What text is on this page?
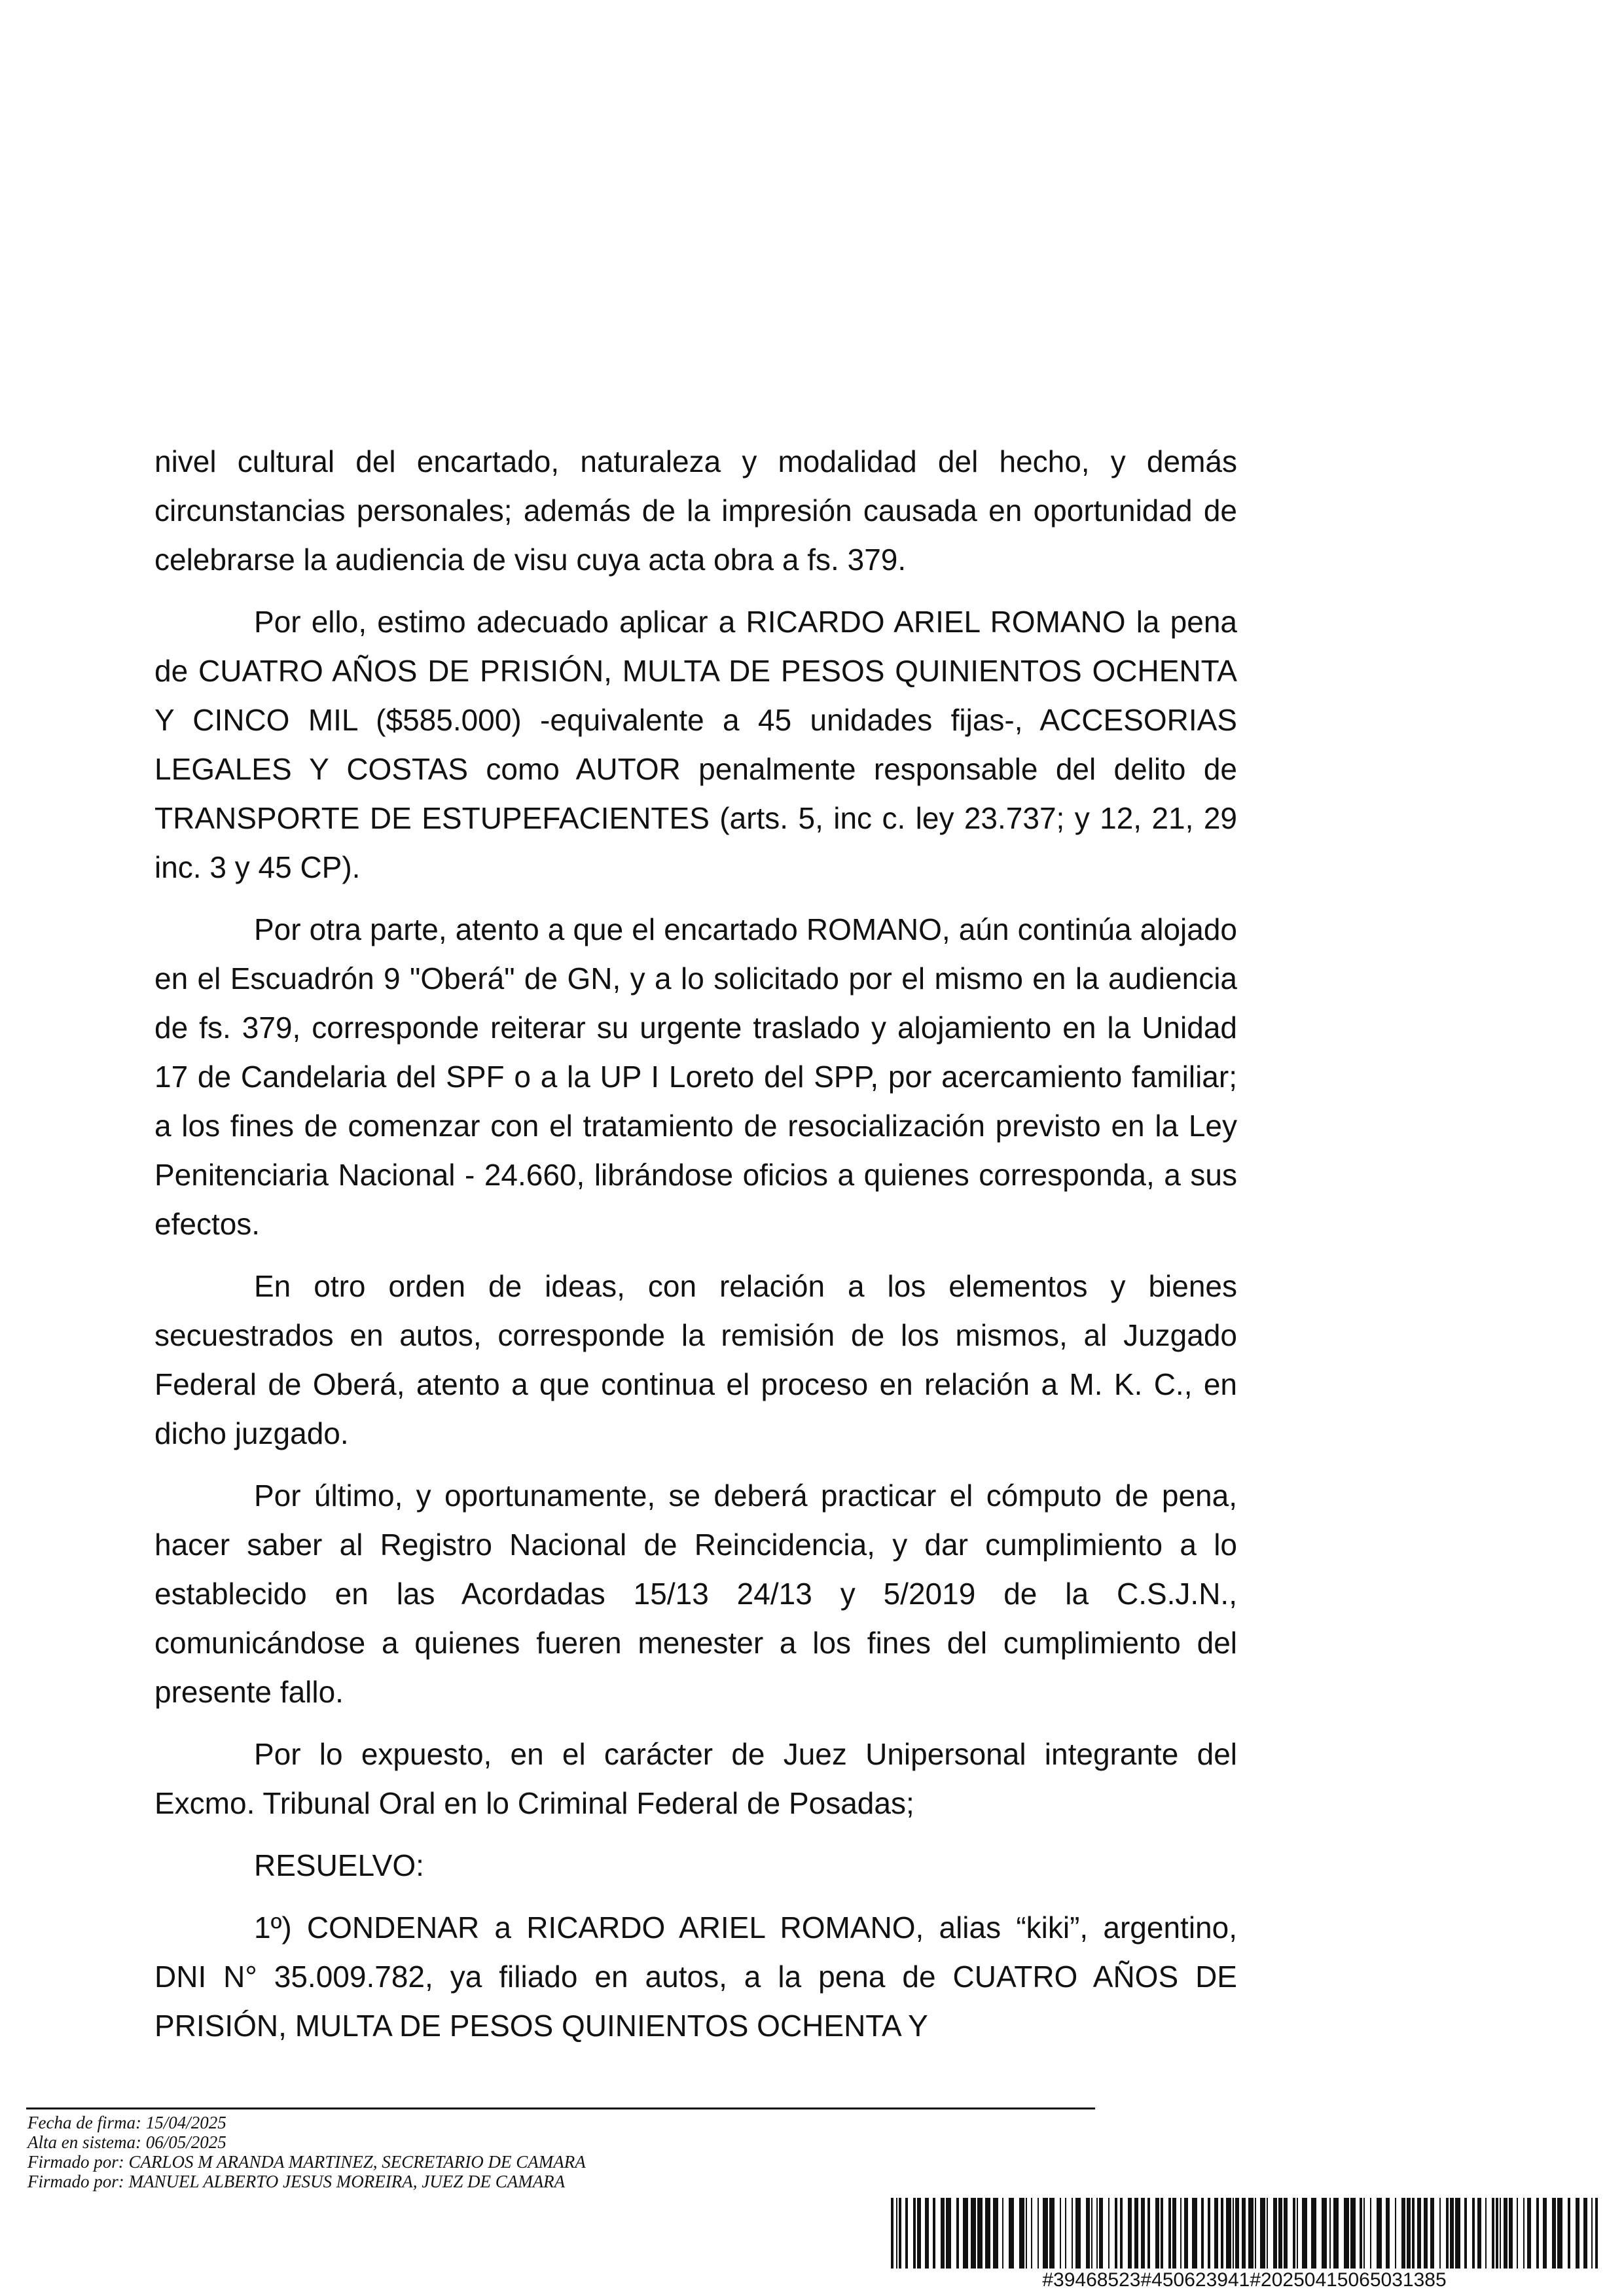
nivel cultural del encartado, naturaleza y modalidad del hecho, y demás circunstancias personales; además de la impresión causada en oportunidad de celebrarse la audiencia de visu cuya acta obra a fs. 379.

Por ello, estimo adecuado aplicar a RICARDO ARIEL ROMANO la pena de CUATRO AÑOS DE PRISIÓN, MULTA DE PESOS QUINIENTOS OCHENTA Y CINCO MIL ($585.000) -equivalente a 45 unidades fijas-, ACCESORIAS LEGALES Y COSTAS como AUTOR penalmente responsable del delito de TRANSPORTE DE ESTUPEFACIENTES (arts. 5, inc c. ley 23.737; y 12, 21, 29 inc. 3 y 45 CP).

Por otra parte, atento a que el encartado ROMANO, aún continúa alojado en el Escuadrón 9 "Oberá" de GN, y a lo solicitado por el mismo en la audiencia de fs. 379, corresponde reiterar su urgente traslado y alojamiento en la Unidad 17 de Candelaria del SPF o a la UP I Loreto del SPP, por acercamiento familiar; a los fines de comenzar con el tratamiento de resocialización previsto en la Ley Penitenciaria Nacional - 24.660, librándose oficios a quienes corresponda, a sus efectos.

En otro orden de ideas, con relación a los elementos y bienes secuestrados en autos, corresponde la remisión de los mismos, al Juzgado Federal de Oberá, atento a que continua el proceso en relación a M. K. C., en dicho juzgado.

Por último, y oportunamente, se deberá practicar el cómputo de pena, hacer saber al Registro Nacional de Reincidencia, y dar cumplimiento a lo establecido en las Acordadas 15/13 24/13 y 5/2019 de la C.S.J.N., comunicándose a quienes fueren menester a los fines del cumplimiento del presente fallo.

Por lo expuesto, en el carácter de Juez Unipersonal integrante del Excmo. Tribunal Oral en lo Criminal Federal de Posadas;

RESUELVO:

1º) CONDENAR a RICARDO ARIEL ROMANO, alias “kiki”, argentino, DNI N° 35.009.782, ya filiado en autos, a la pena de CUATRO AÑOS DE PRISIÓN, MULTA DE PESOS QUINIENTOS OCHENTA Y

Fecha de firma: 15/04/2025
Alta en sistema: 06/05/2025
Firmado por: CARLOS M ARANDA MARTINEZ, SECRETARIO DE CAMARA
Firmado por: MANUEL ALBERTO JESUS MOREIRA, JUEZ DE CAMARA
#39468523#450623941#20250415065031385
